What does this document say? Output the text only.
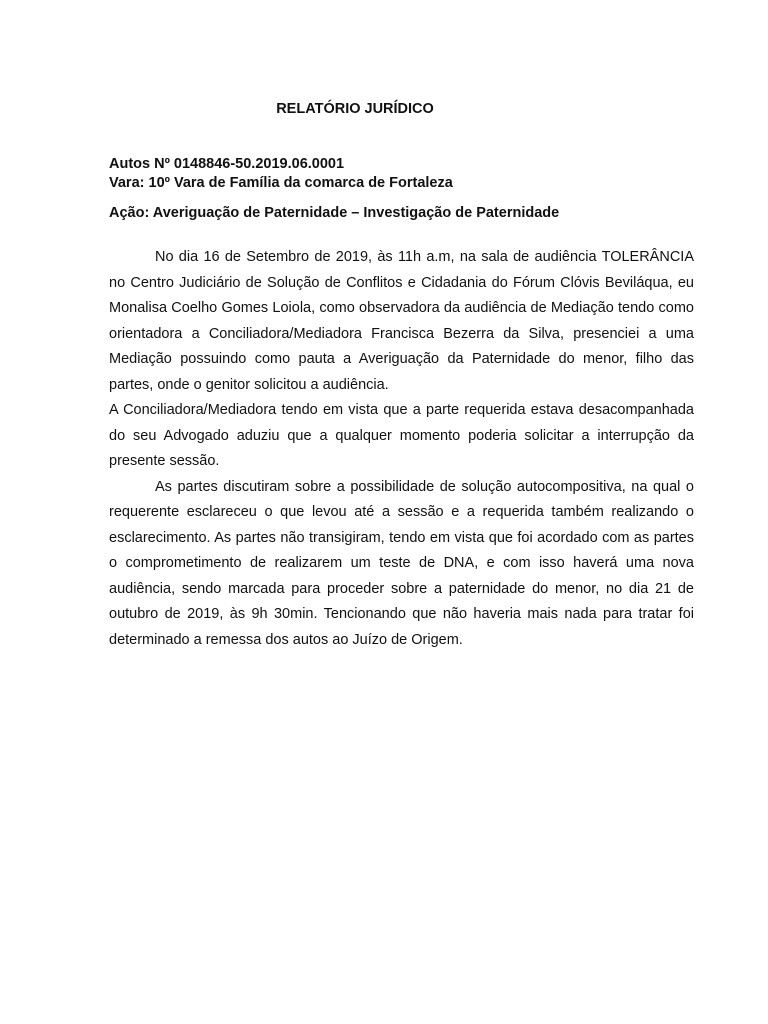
RELATÓRIO JURÍDICO
Autos Nº 0148846-50.2019.06.0001
Vara: 10º Vara de Família da comarca de Fortaleza
Ação: Averiguação de Paternidade – Investigação de Paternidade

No dia 16 de Setembro de 2019, às 11h a.m, na sala de audiência TOLERÂNCIA no Centro Judiciário de Solução de Conflitos e Cidadania do Fórum Clóvis Beviláqua, eu Monalisa Coelho Gomes Loiola, como observadora da audiência de Mediação tendo como orientadora a Conciliadora/Mediadora Francisca Bezerra da Silva, presenciei a uma Mediação possuindo como pauta a Averiguação da Paternidade do menor, filho das partes, onde o genitor solicitou a audiência.

A Conciliadora/Mediadora tendo em vista que a parte requerida estava desacompanhada do seu Advogado aduziu que a qualquer momento poderia solicitar a interrupção da presente sessão.

As partes discutiram sobre a possibilidade de solução autocompositiva, na qual o requerente esclareceu o que levou até a sessão e a requerida também realizando o esclarecimento. As partes não transigiram, tendo em vista que foi acordado com as partes o comprometimento de realizarem um teste de DNA, e com isso haverá uma nova audiência, sendo marcada para proceder sobre a paternidade do menor, no dia 21 de outubro de 2019, às 9h 30min. Tencionando que não haveria mais nada para tratar foi determinado a remessa dos autos ao Juízo de Origem.
